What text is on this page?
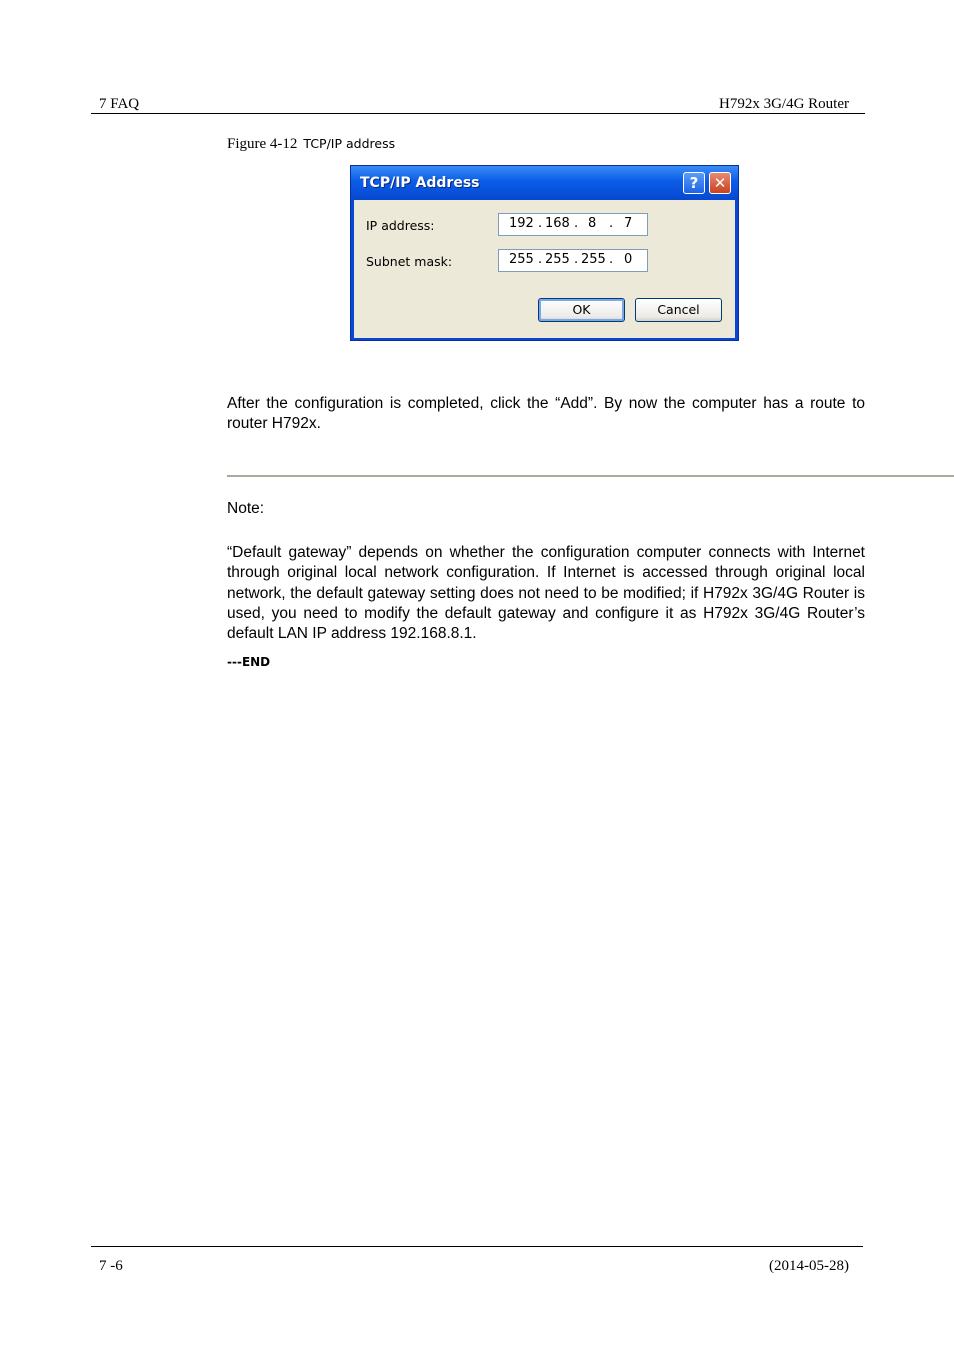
7 FAQ	H792x 3G/4G Router
Figure 4-12 TCP/IP address
TCP/IP Address	?	✕
IP address:	192 . 168 . 8 . 7
Subnet mask:	255 . 255 . 255 . 0
OK	Cancel
After the configuration is completed, click the “Add”. By now the computer has a route to router H792x.
Note:
“Default gateway” depends on whether the configuration computer connects with Internet through original local network configuration. If Internet is accessed through original local network, the default gateway setting does not need to be modified; if H792x 3G/4G Router is used, you need to modify the default gateway and configure it as H792x 3G/4G Router’s default LAN IP address 192.168.8.1.
---END
7 -6	(2014-05-28)
